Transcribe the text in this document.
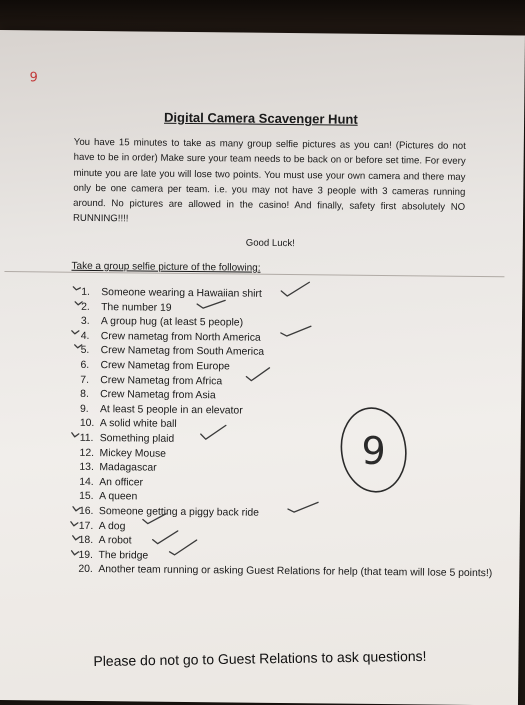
9
Digital Camera Scavenger Hunt
You have 15 minutes to take as many group selfie pictures as you can! (Pictures do not have to be in order) Make sure your team needs to be back on or before set time. For every minute you are late you will lose two points. You must use your own camera and there may only be one camera per team. i.e. you may not have 3 people with 3 cameras running around. No pictures are allowed in the casino! And finally, safety first absolutely NO RUNNING!!!!
Good Luck!
Take a group selfie picture of the following:
1. Someone wearing a Hawaiian shirt
2. The number 19
3. A group hug (at least 5 people)
4. Crew nametag from North America
5. Crew Nametag from South America
6. Crew Nametag from Europe
7. Crew Nametag from Africa
8. Crew Nametag from Asia
9. At least 5 people in an elevator
10. A solid white ball
11. Something plaid
12. Mickey Mouse
13. Madagascar
14. An officer
15. A queen
16. Someone getting a piggy back ride
17. A dog
18. A robot
19. The bridge
20. Another team running or asking Guest Relations for help (that team will lose 5 points!)
9
Please do not go to Guest Relations to ask questions!
